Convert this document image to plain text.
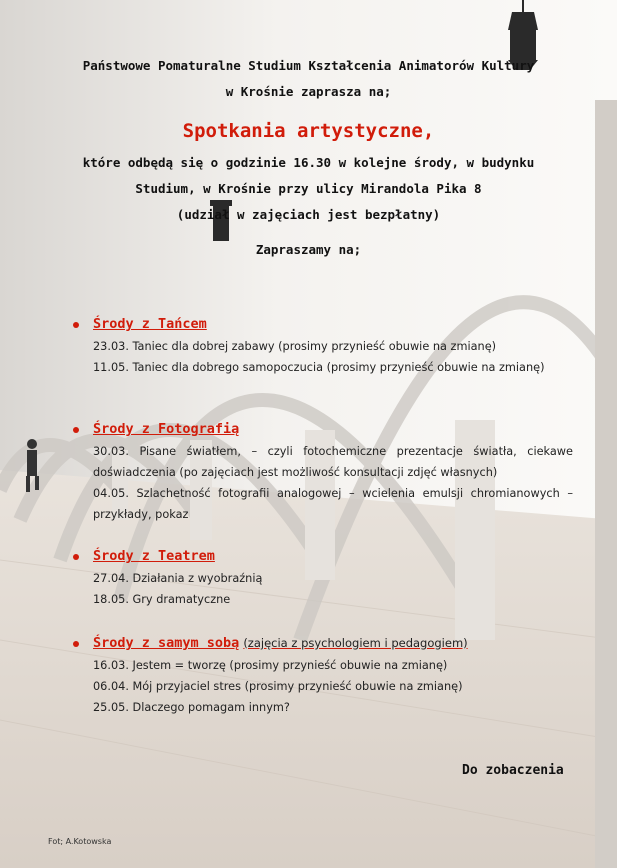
Państwowe Pomaturalne Studium Kształcenia Animatorów Kultury
w Krośnie zaprasza na;
Spotkania artystyczne,
które odbędą się o godzinie 16.30 w kolejne środy, w budynku
Studium, w Krośnie przy ulicy Mirandola Pika 8
(udział w zajęciach jest bezpłatny)
Zapraszamy na;
Środy z Tańcem
23.03. Taniec dla dobrej zabawy (prosimy przynieść obuwie na zmianę)
11.05. Taniec dla dobrego samopoczucia (prosimy przynieść obuwie na zmianę)
Środy z Fotografią
30.03. Pisane światłem, – czyli fotochemiczne prezentacje światła, ciekawe doświadczenia (po zajęciach jest możliwość konsultacji zdjęć własnych)
04.05. Szlachetność fotografii analogowej – wcielenia emulsji chromianowych – przykłady, pokaz
Środy z Teatrem
27.04. Działania z wyobraźnią
18.05. Gry dramatyczne
Środy z samym sobą (zajęcia z psychologiem i pedagogiem)
16.03. Jestem = tworzę (prosimy przynieść obuwie na zmianę)
06.04. Mój przyjaciel stres (prosimy przynieść obuwie na zmianę)
25.05. Dlaczego pomagam innym?
Do zobaczenia
Fot; A.Kotowska
